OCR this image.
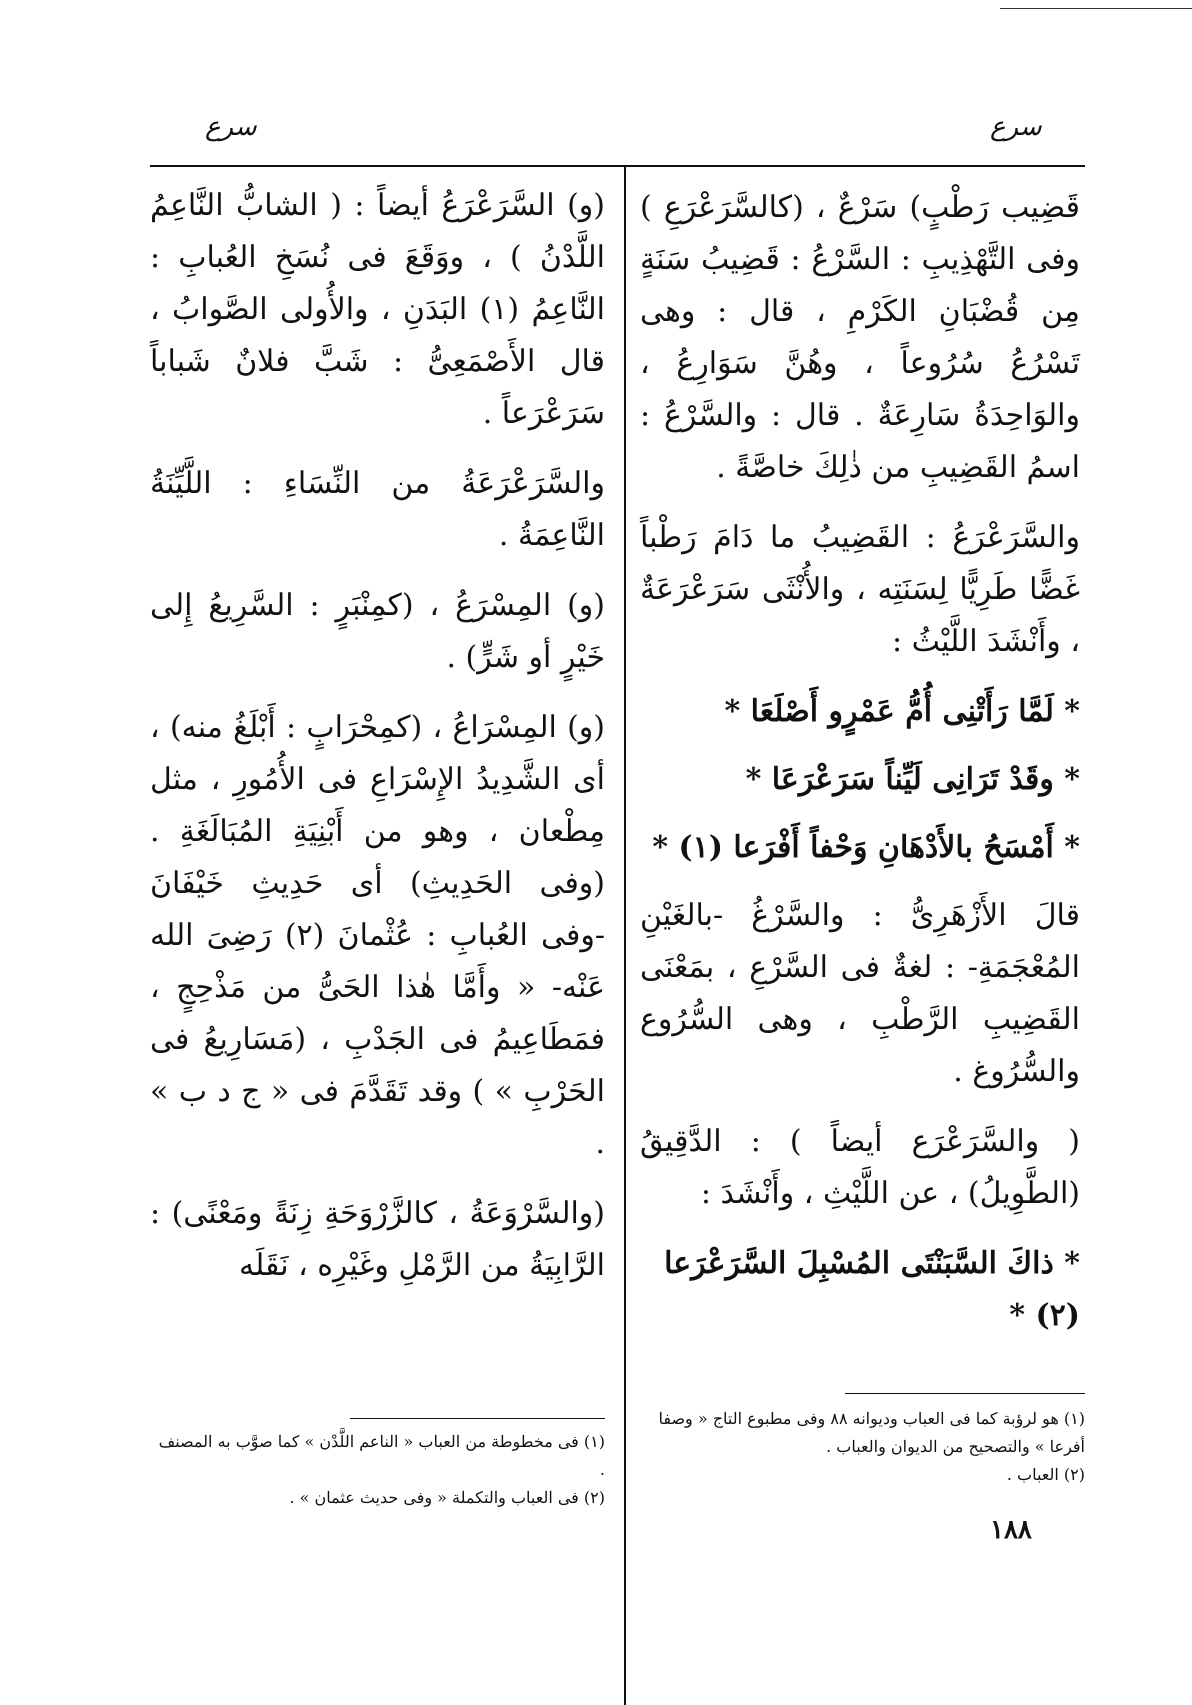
سرع
سرع

قَضِيب رَطْبٍ) سَرْعٌ ، (كالسَّرَعْرَعِ ) وفى التَّهْذِيبِ : السَّرْعُ : قَضِيبُ سَنَةٍ مِن قُضْبَانِ الكَرْمِ ، قال : وهى تَسْرُعُ سُرُوعاً ، وهُنَّ سَوَارِعُ ، والوَاحِدَةُ سَارِعَةٌ . قال : والسَّرْعُ : اسمُ القَضِيبِ من ذٰلِكَ خاصَّةً .

والسَّرَعْرَعُ : القَضِيبُ ما دَامَ رَطْباً غَضًّا طَرِيًّا لِسَنَتِه ، والأُنْثَى سَرَعْرَعَةٌ ، وأَنْشَدَ اللَّيْثُ :

* لَمَّا رَأَتْنِى أُمُّ عَمْرٍو أَصْلَعَا *

* وقَدْ تَرَانِى لَيِّناً سَرَعْرَعَا *

* أَمْسَحُ بالأَدْهَانِ وَحْفاً أَفْرَعا (١) *

قالَ الأَزْهَرِىُّ : والسَّرْغُ -بالغَيْنِ المُعْجَمَةِ- : لغةٌ فى السَّرْعِ ، بمَعْنَى القَضِيبِ الرَّطْبِ ، وهى السُّرُوع والسُّرُوغ .

( والسَّرَعْرَع أيضاً ) : الدَّقِيقُ (الطَّوِيلُ) ، عن اللَّيْثِ ، وأَنْشَدَ :

* ذاكَ السَّبَنْتَى المُسْبِلَ السَّرَعْرَعا (٢) *

(و) السَّرَعْرَعُ أيضاً : ( الشابُّ النَّاعِمُ اللَّدْنُ ) ، ووَقَعَ فى نُسَخِ العُبابِ : النَّاعِمُ (١) البَدَنِ ، والأُولى الصَّوابُ ، قال الأَصْمَعِىُّ : شَبَّ فلانٌ شَباباً سَرَعْرَعاً .

والسَّرَعْرَعَةُ من النِّسَاءِ : اللَّيِّنَةُ النَّاعِمَةُ .

(و) المِسْرَعُ ، (كمِنْبَرٍ : السَّرِيعُ إِلى خَيْرٍ أو شَرٍّ) .

(و) المِسْرَاعُ ، (كمِحْرَابٍ : أَبْلَغُ منه) ، أى الشَّدِيدُ الإِسْرَاعِ فى الأُمُورِ ، مثل مِطْعان ، وهو من أَبْنِيَةِ المُبَالَغَةِ . (وفى الحَدِيثِ) أى حَدِيثِ خَيْفَانَ -وفى العُبابِ : عُثْمانَ (٢) رَضِىَ الله عَنْه- « وأَمَّا هٰذا الحَىُّ من مَذْحِجٍ ، فمَطَاعِيمُ فى الجَدْبِ ، (مَسَارِيعُ فى الحَرْبِ » ) وقد تَقَدَّمَ فى « ج د ب » .

(والسَّرْوَعَةُ ، كالزَّرْوَحَةِ زِنَةً ومَعْنًى) : الرَّابِيَةُ من الرَّمْلِ وغَيْرِه ، نَقَلَه

(١) هو لرؤبة كما فى العباب وديوانه ٨٨ وفى مطبوع التاج « وصفا أفرعا » والتصحيح من الديوان والعباب .

(٢) العباب .

(١) فى مخطوطة من العباب « الناعم اللَّدْن » كما صوَّب به المصنف .

(٢) فى العباب والتكملة « وفى حديث عثمان » .

١٨٨
